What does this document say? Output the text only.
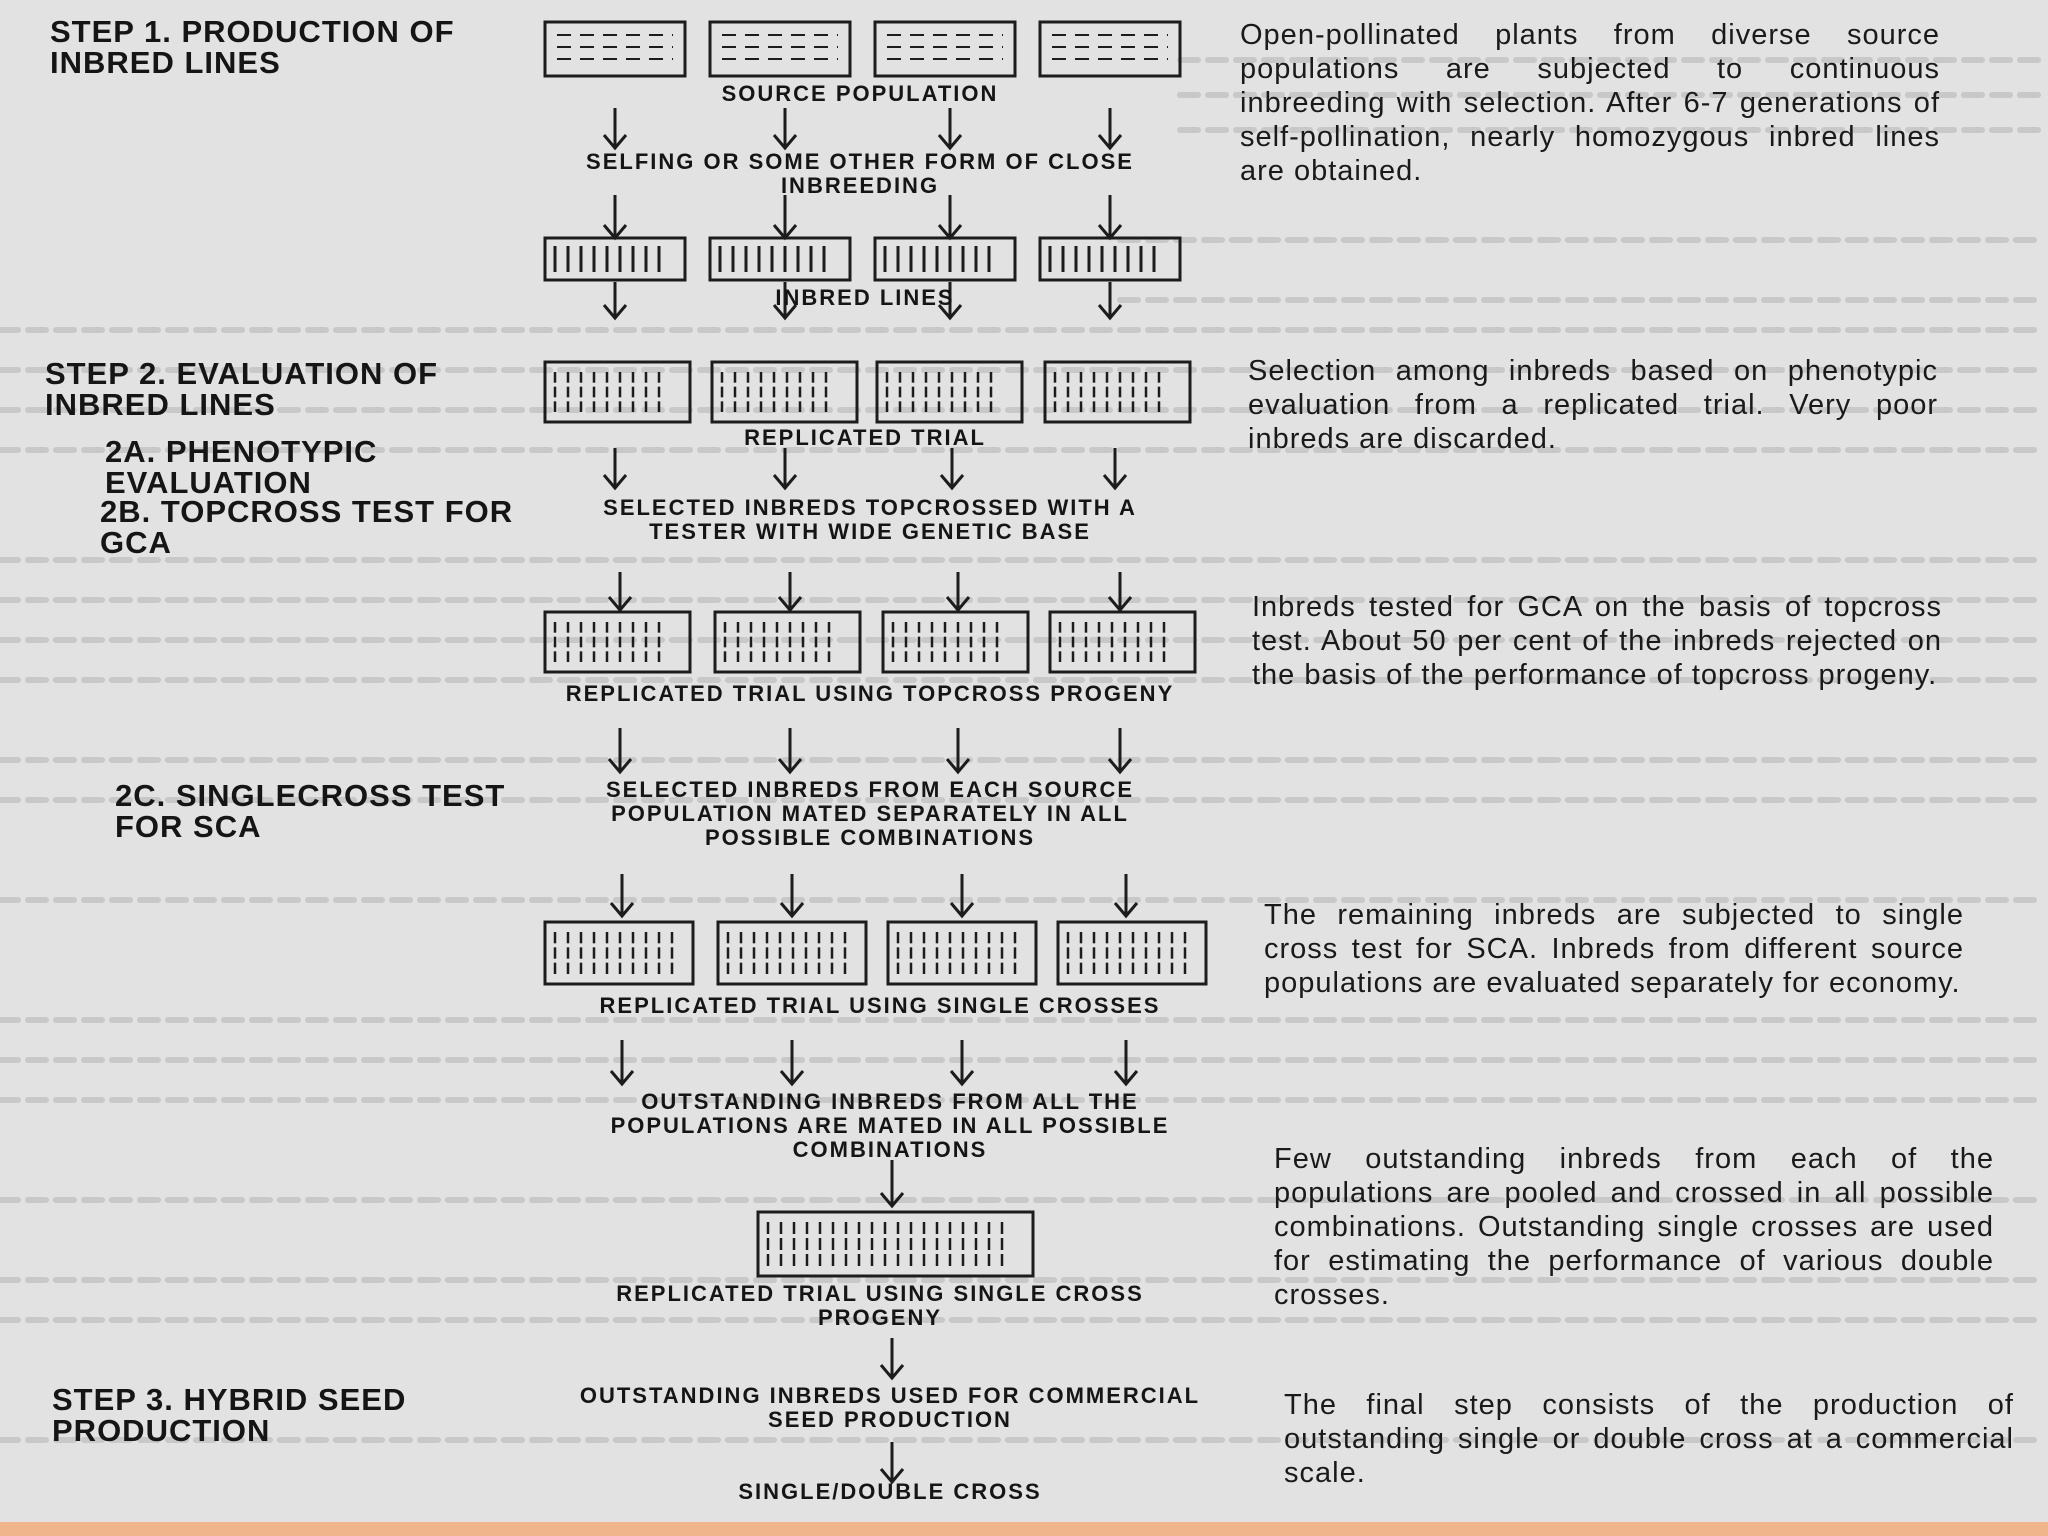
STEP 1. PRODUCTION OF INBRED LINES
STEP 2. EVALUATION OF INBRED LINES
2A. PHENOTYPIC EVALUATION
2B. TOPCROSS TEST FOR GCA
2C. SINGLECROSS TEST FOR SCA
STEP 3. HYBRID SEED PRODUCTION
SOURCE POPULATION
SELFING OR SOME OTHER FORM OF CLOSE INBREEDING
INBRED LINES
REPLICATED TRIAL
SELECTED INBREDS TOPCROSSED WITH A TESTER WITH WIDE GENETIC BASE
REPLICATED TRIAL USING TOPCROSS PROGENY
SELECTED INBREDS FROM EACH SOURCE POPULATION MATED SEPARATELY IN ALL POSSIBLE COMBINATIONS
REPLICATED TRIAL USING SINGLE CROSSES
OUTSTANDING INBREDS FROM ALL THE POPULATIONS ARE MATED IN ALL POSSIBLE COMBINATIONS
REPLICATED TRIAL USING SINGLE CROSS PROGENY
OUTSTANDING INBREDS USED FOR COMMERCIAL SEED PRODUCTION
SINGLE/DOUBLE CROSS
Open-pollinated plants from diverse source populations are subjected to continuous inbreeding with selection. After 6-7 generations of self-pollination, nearly homozygous inbred lines are obtained.
Selection among inbreds based on phenotypic evaluation from a replicated trial. Very poor inbreds are discarded.
Inbreds tested for GCA on the basis of topcross test. About 50 per cent of the inbreds rejected on the basis of the performance of topcross progeny.
The remaining inbreds are subjected to single cross test for SCA. Inbreds from different source populations are evaluated separately for economy.
Few outstanding inbreds from each of the populations are pooled and crossed in all possible combinations. Outstanding single crosses are used for estimating the performance of various double crosses.
The final step consists of the production of outstanding single or double cross at a commercial scale.
